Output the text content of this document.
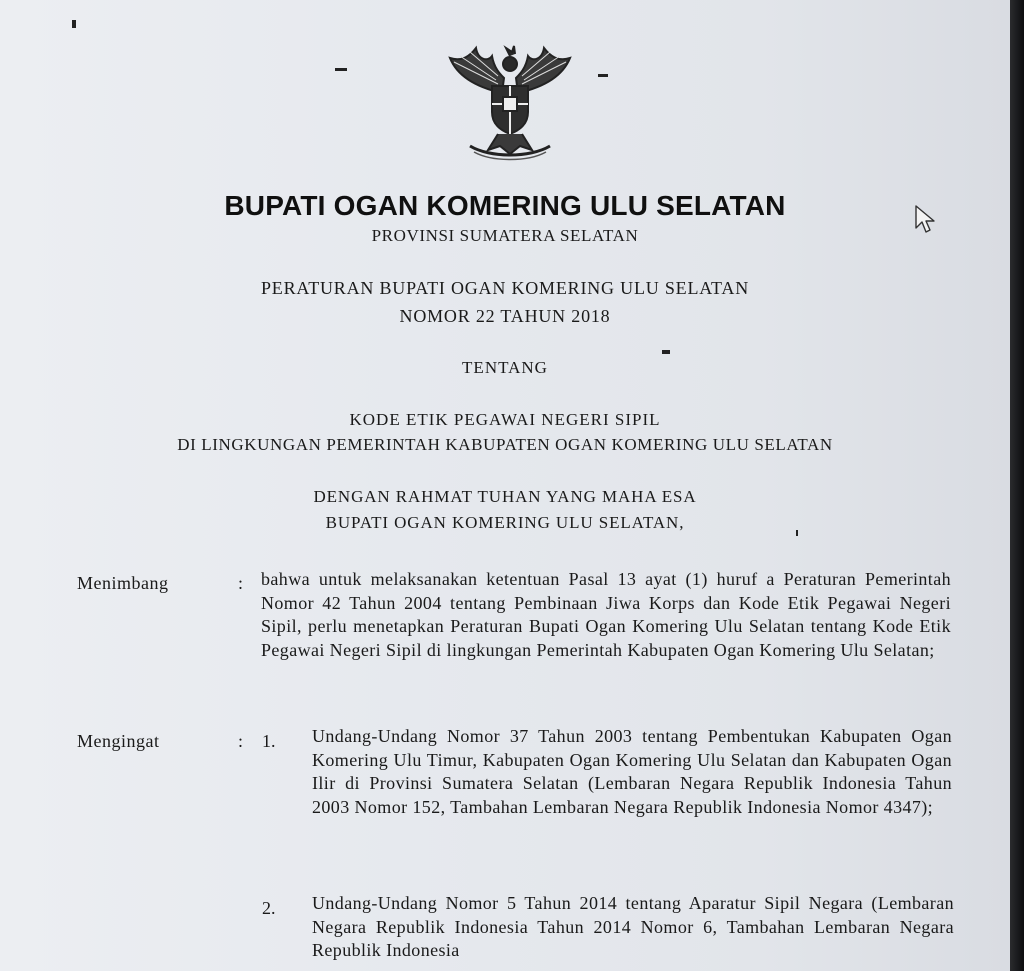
BUPATI OGAN KOMERING ULU SELATAN
PROVINSI SUMATERA SELATAN
PERATURAN BUPATI OGAN KOMERING ULU SELATAN
NOMOR 22 TAHUN 2018
TENTANG
KODE ETIK PEGAWAI NEGERI SIPIL
DI LINGKUNGAN PEMERINTAH KABUPATEN OGAN KOMERING ULU SELATAN
DENGAN RAHMAT TUHAN YANG MAHA ESA
BUPATI OGAN KOMERING ULU SELATAN,
Menimbang	: bahwa untuk melaksanakan ketentuan Pasal 13 ayat (1) huruf a Peraturan Pemerintah Nomor 42 Tahun 2004 tentang Pembinaan Jiwa Korps dan Kode Etik Pegawai Negeri Sipil, perlu menetapkan Peraturan Bupati Ogan Komering Ulu Selatan tentang Kode Etik Pegawai Negeri Sipil di lingkungan Pemerintah Kabupaten Ogan Komering Ulu Selatan;
Mengingat	: 1. Undang-Undang Nomor 37 Tahun 2003 tentang Pembentukan Kabupaten Ogan Komering Ulu Timur, Kabupaten Ogan Komering Ulu Selatan dan Kabupaten Ogan Ilir di Provinsi Sumatera Selatan (Lembaran Negara Republik Indonesia Tahun 2003 Nomor 152, Tambahan Lembaran Negara Republik Indonesia Nomor 4347);
2. Undang-Undang Nomor 5 Tahun 2014 tentang Aparatur Sipil Negara (Lembaran Negara Republik Indonesia Tahun 2014 Nomor 6, Tambahan Lembaran Negara Republik Indonesia
